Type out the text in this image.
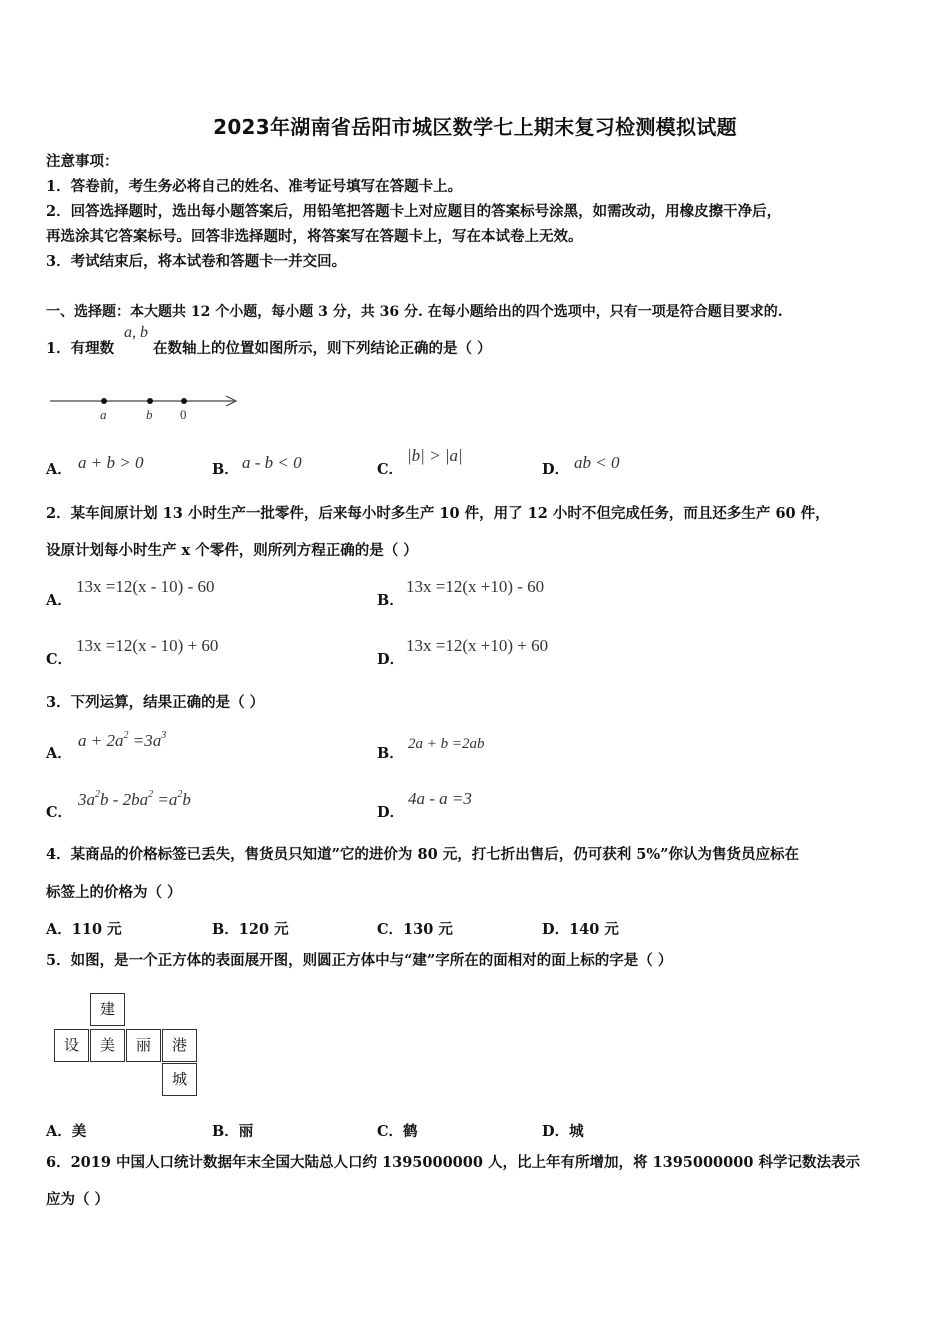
2023年湖南省岳阳市城区数学七上期末复习检测模拟试题
注意事项：
1．答卷前，考生务必将自己的姓名、准考证号填写在答题卡上。
2．回答选择题时，选出每小题答案后，用铅笔把答题卡上对应题目的答案标号涂黑，如需改动，用橡皮擦干净后，
再选涂其它答案标号。回答非选择题时，将答案写在答题卡上，写在本试卷上无效。
3．考试结束后，将本试卷和答题卡一并交回。
一、选择题：本大题共 12 个小题，每小题 3 分，共 36 分. 在每小题给出的四个选项中，只有一项是符合题目要求的.
1．有理数
a, b
在数轴上的位置如图所示，则下列结论正确的是（ ）
a	b 0
A． a + b > 0	B． a - b < 0	C．
|b| > |a|
D． ab < 0
2．某车间原计划 13 小时生产一批零件，后来每小时多生产 10 件，用了 12 小时不但完成任务，而且还多生产 60 件，
设原计划每小时生产 x 个零件，则所列方程正确的是（ ）
A．
13x =12(x - 10) - 60
B．
13x =12(x +10) - 60
C．
13x =12(x - 10) + 60
D．
13x =12(x +10) + 60
3．下列运算，结果正确的是（ ）
A．
$a + 2a^2 =3a^3$
B．
2a + b =2ab
C．
$3a^2b - 2ba^2 =a^2b$
D．
4a - a =3
4．某商品的价格标签已丢失，售货员只知道”它的进价为 80 元，打七折出售后，仍可获利 5%”你认为售货员应标在
标签上的价格为（ ）
A．110 元	B．120 元	C．130 元	D．140 元
5．如图，是一个正方体的表面展开图，则圆正方体中与“建”字所在的面相对的面上标的字是（ ）
建
设	美	丽	港
城
A．美	B．丽	C．鹤	D．城
6．2019 中国人口统计数据年末全国大陆总人口约 1395000000 人，比上年有所增加，将 1395000000 科学记数法表示
应为（ ）
